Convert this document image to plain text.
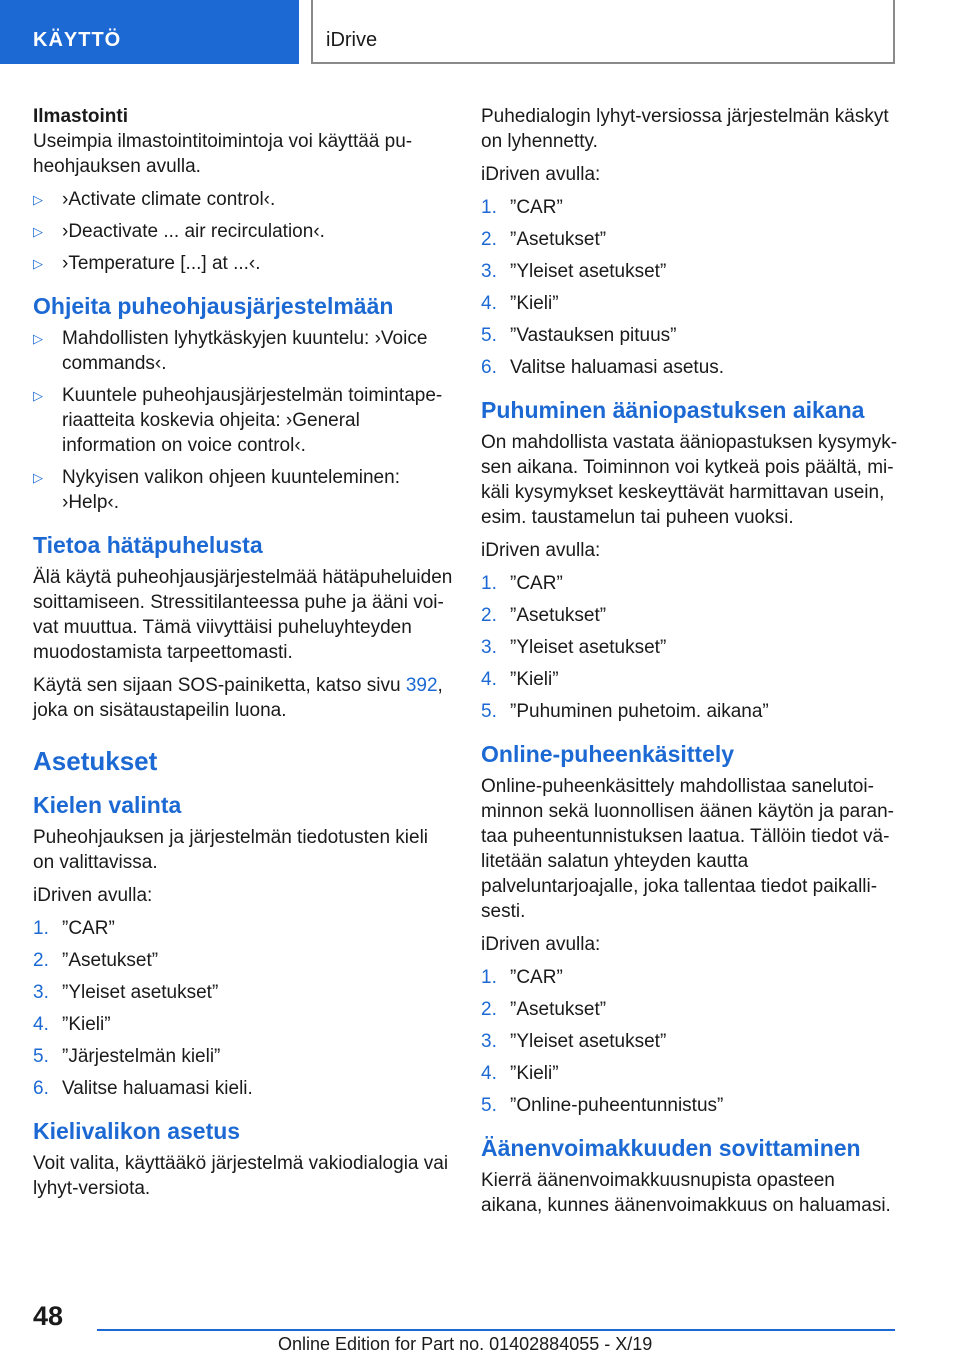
KÄYTTÖ	iDrive
Ilmastointi

Useimpia ilmastointitoimintoja voi käyttää pu-heohjauksen avulla.

▷ ›Activate climate control‹.
▷ ›Deactivate ... air recirculation‹.
▷ ›Temperature [...] at ...‹.
Ohjeita puheohjausjärjestelmään
▷ Mahdollisten lyhytkäskyjen kuuntelu: ›Voice commands‹.
▷ Kuuntele puheohjausjärjestelmän toimintape-riaatteita koskevia ohjeita: ›General information on voice control‹.
▷ Nykyisen valikon ohjeen kuunteleminen: ›Help‹.
Tietoa hätäpuhelusta

Älä käytä puheohjausjärjestelmää hätäpuheluiden soittamiseen. Stressitilanteessa puhe ja ääni voi-vat muuttua. Tämä viivyttäisi puheluyhteyden muodostamista tarpeettomasti.

Käytä sen sijaan SOS-painiketta, katso sivu 392, joka on sisätaustapeilin luona.

Asetukset
Kielen valinta

Puheohjauksen ja järjestelmän tiedotusten kieli on valittavissa.

iDriven avulla:

1. ”CAR”
2. ”Asetukset”
3. ”Yleiset asetukset”
4. ”Kieli”
5. ”Järjestelmän kieli”
6. Valitse haluamasi kieli.
Kielivalikon asetus

Voit valita, käyttääkö järjestelmä vakiodialogia vai lyhyt-versiota.

Puhedialogin lyhyt-versiossa järjestelmän käskyt on lyhennetty.

iDriven avulla:

1. ”CAR”
2. ”Asetukset”
3. ”Yleiset asetukset”
4. ”Kieli”
5. ”Vastauksen pituus”
6. Valitse haluamasi asetus.
Puhuminen ääniopastuksen aikana

On mahdollista vastata ääniopastuksen kysymyk-sen aikana. Toiminnon voi kytkeä pois päältä, mi-käli kysymykset keskeyttävät harmittavan usein, esim. taustamelun tai puheen vuoksi.

iDriven avulla:

1. ”CAR”
2. ”Asetukset”
3. ”Yleiset asetukset”
4. ”Kieli”
5. ”Puhuminen puhetoim. aikana”
Online-puheenkäsittely

Online-puheenkäsittely mahdollistaa sanelutoi-minnon sekä luonnollisen äänen käytön ja paran-taa puheentunnistuksen laatua. Tällöin tiedot vä-litetään salatun yhteyden kautta palveluntarjoajalle, joka tallentaa tiedot paikalli-sesti.

iDriven avulla:

1. ”CAR”
2. ”Asetukset”
3. ”Yleiset asetukset”
4. ”Kieli”
5. ”Online-puheentunnistus”
Äänenvoimakkuuden sovittaminen

Kierrä äänenvoimakkuusnupista opasteen aikana, kunnes äänenvoimakkuus on haluamasi.

48
Online Edition for Part no. 01402884055 - X/19
